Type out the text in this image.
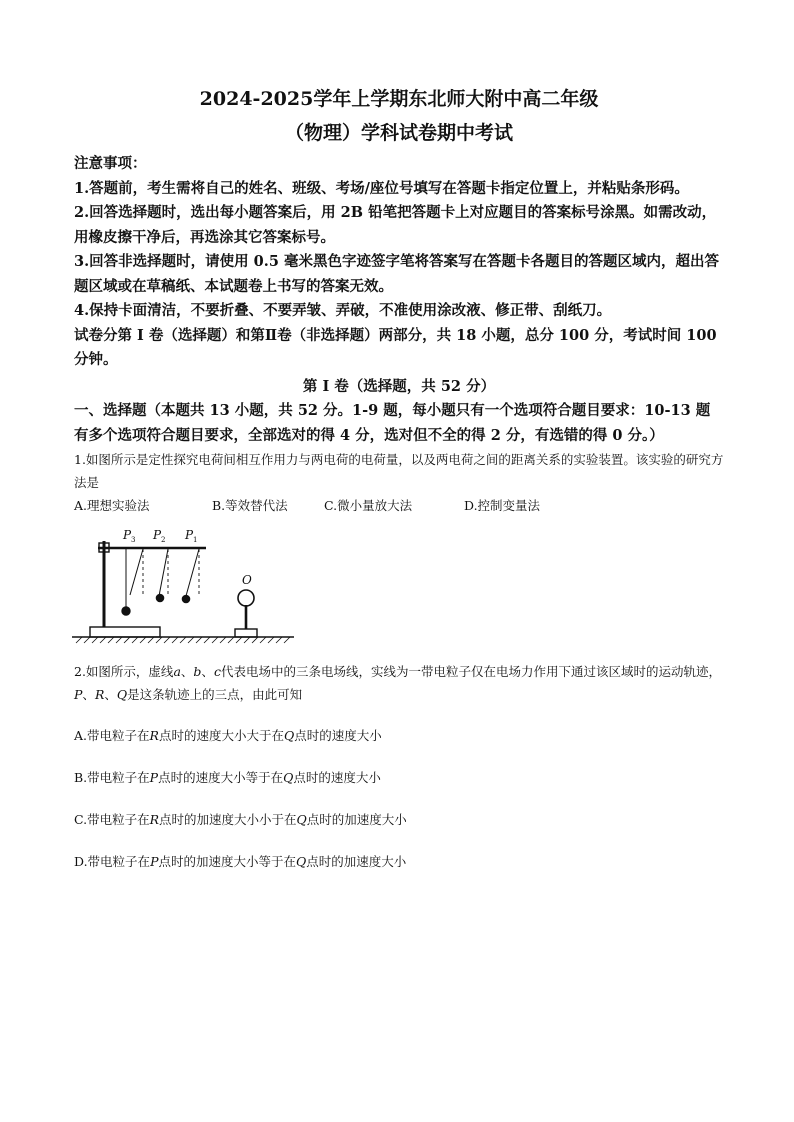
2024-2025学年上学期东北师大附中高二年级
（物理）学科试卷期中考试
注意事项：
1.答题前，考生需将自己的姓名、班级、考场/座位号填写在答题卡指定位置上，并粘贴条形码。
2.回答选择题时，选出每小题答案后，用 2B 铅笔把答题卡上对应题目的答案标号涂黑。如需改动，用橡皮擦干净后，再选涂其它答案标号。
3.回答非选择题时，请使用 0.5 毫米黑色字迹签字笔将答案写在答题卡各题目的答题区域内，超出答题区域或在草稿纸、本试题卷上书写的答案无效。
4.保持卡面清洁，不要折叠、不要弄皱、弄破，不准使用涂改液、修正带、刮纸刀。
试卷分第 I 卷（选择题）和第Ⅱ卷（非选择题）两部分，共 18 小题，总分 100 分，考试时间 100 分钟。
第 I 卷（选择题，共 52 分）
一、选择题（本题共 13 小题，共 52 分。1-9 题，每小题只有一个选项符合题目要求：10-13 题有多个选项符合题目要求，全部选对的得 4 分，选对但不全的得 2 分，有选错的得 0 分。）
1.如图所示是定性探究电荷间相互作用力与两电荷的电荷量，以及两电荷之间的距离关系的实验装置。该实验的研究方法是
A.理想实验法	B.等效替代法	C.微小量放大法	D.控制变量法
P 3 P 2 P 1
O
2.如图所示，虚线a、b、c代表电场中的三条电场线，实线为一带电粒子仅在电场力作用下通过该区域时的运动轨迹，P、R、Q是这条轨迹上的三点，由此可知
A.带电粒子在R点时的速度大小大于在Q点时的速度大小
B.带电粒子在P点时的速度大小等于在Q点时的速度大小
C.带电粒子在R点时的加速度大小小于在Q点时的加速度大小
D.带电粒子在P点时的加速度大小等于在Q点时的加速度大小
